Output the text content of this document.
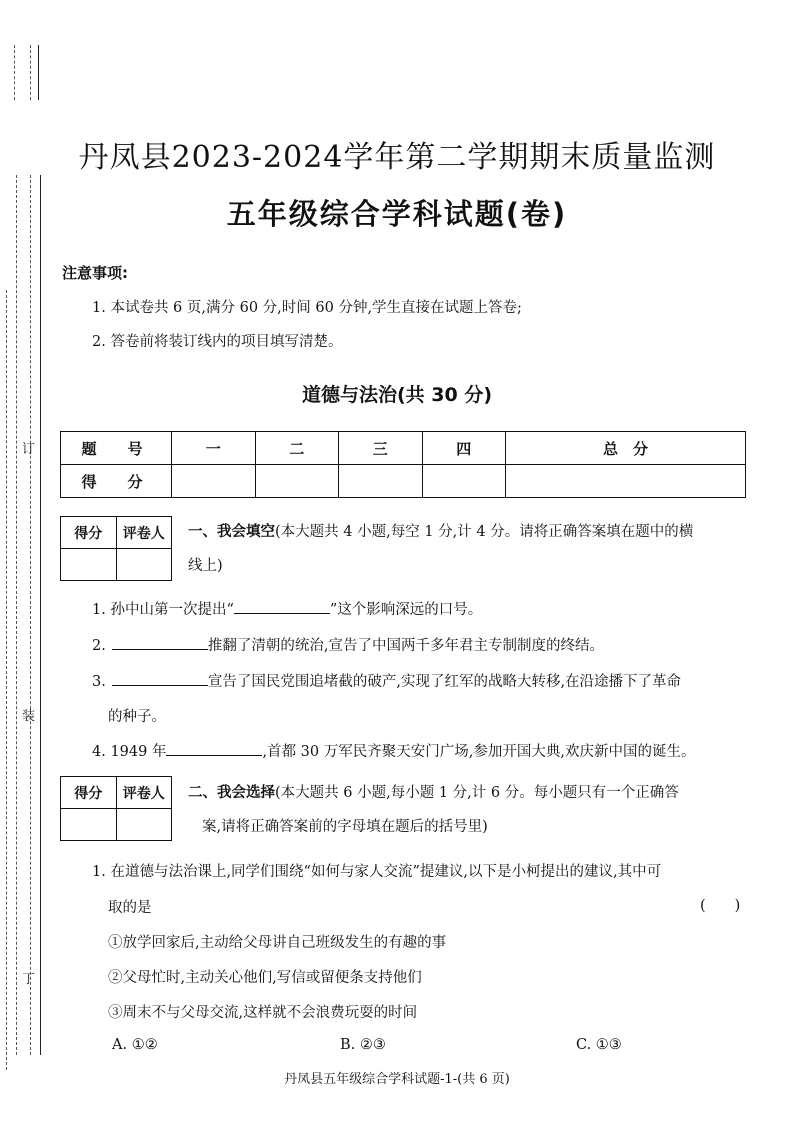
订
装
丁
丹凤县2023-2024学年第二学期期末质量监测
五年级综合学科试题(卷)
注意事项:
1. 本试卷共 6 页,满分 60 分,时间 60 分钟,学生直接在试题上答卷;
2. 答卷前将装订线内的项目填写清楚。
道德与法治(共 30 分)
题　号	一	二	三	四	总　分
得　分					
得分	评卷人
	一、我会填空(本大题共 4 小题,每空 1 分,计 4 分。请将正确答案填在题中的横
线上)
1. 孙中山第一次提出“	”这个影响深远的口号。
2.	推翻了清朝的统治,宣告了中国两千多年君主专制制度的终结。
3.	宣告了国民党围追堵截的破产,实现了红军的战略大转移,在沿途播下了革命
的种子。
4. 1949 年	,首都 30 万军民齐聚天安门广场,参加开国大典,欢庆新中国的诞生。
得分	评卷人
	二、我会选择(本大题共 6 小题,每小题 1 分,计 6 分。每小题只有一个正确答
案,请将正确答案前的字母填在题后的括号里)
1. 在道德与法治课上,同学们围绕“如何与家人交流”提建议,以下是小柯提出的建议,其中可
取的是	(　　)
①放学回家后,主动给父母讲自己班级发生的有趣的事
②父母忙时,主动关心他们,写信或留便条支持他们
③周末不与父母交流,这样就不会浪费玩耍的时间
A. ①②	B. ②③	C. ①③
丹凤县五年级综合学科试题-1-(共 6 页)
